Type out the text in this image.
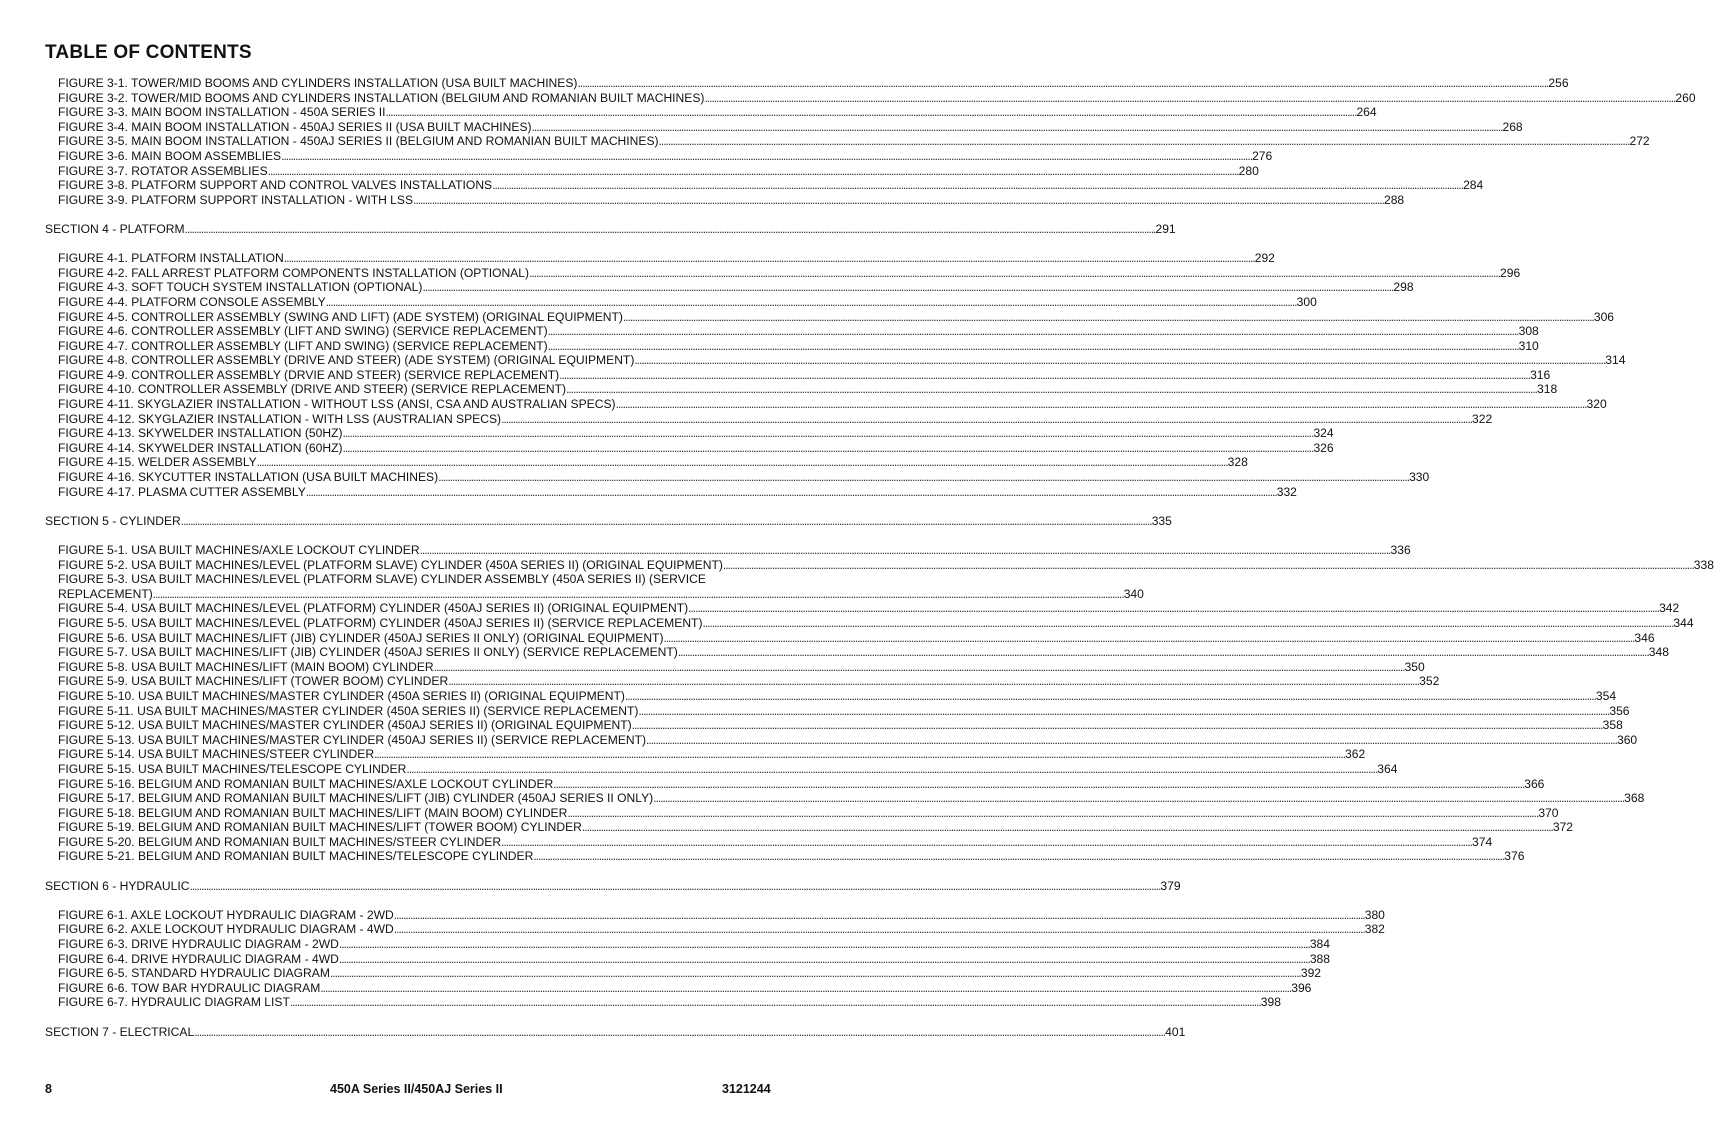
TABLE OF CONTENTS
FIGURE 3-1. TOWER/MID BOOMS AND CYLINDERS INSTALLATION (USA BUILT MACHINES) .....	256
FIGURE 3-2. TOWER/MID BOOMS AND CYLINDERS INSTALLATION (BELGIUM AND ROMANIAN BUILT MACHINES) .....	260
FIGURE 3-3. MAIN BOOM INSTALLATION - 450A SERIES II .....	264
FIGURE 3-4. MAIN BOOM INSTALLATION - 450AJ SERIES II (USA BUILT MACHINES) .....	268
FIGURE 3-5. MAIN BOOM INSTALLATION - 450AJ SERIES II (BELGIUM AND ROMANIAN BUILT MACHINES) .....	272
FIGURE 3-6. MAIN BOOM ASSEMBLIES .....	276
FIGURE 3-7. ROTATOR ASSEMBLIES .....	280
FIGURE 3-8. PLATFORM SUPPORT AND CONTROL VALVES INSTALLATIONS .....	284
FIGURE 3-9. PLATFORM SUPPORT INSTALLATION - WITH LSS .....	288
SECTION 4 - PLATFORM .....	291
FIGURE 4-1. PLATFORM INSTALLATION .....	292
FIGURE 4-2. FALL ARREST PLATFORM COMPONENTS INSTALLATION (OPTIONAL) .....	296
FIGURE 4-3. SOFT TOUCH SYSTEM INSTALLATION (OPTIONAL) .....	298
FIGURE 4-4. PLATFORM CONSOLE ASSEMBLY .....	300
FIGURE 4-5. CONTROLLER ASSEMBLY (SWING AND LIFT) (ADE SYSTEM) (ORIGINAL EQUIPMENT) .....	306
FIGURE 4-6. CONTROLLER ASSEMBLY (LIFT AND SWING) (SERVICE REPLACEMENT) .....	308
FIGURE 4-7. CONTROLLER ASSEMBLY (LIFT AND SWING) (SERVICE REPLACEMENT) .....	310
FIGURE 4-8. CONTROLLER ASSEMBLY (DRIVE AND STEER) (ADE SYSTEM) (ORIGINAL EQUIPMENT) .....	314
FIGURE 4-9. CONTROLLER ASSEMBLY (DRVIE AND STEER) (SERVICE REPLACEMENT) .....	316
FIGURE 4-10. CONTROLLER ASSEMBLY (DRIVE AND STEER) (SERVICE REPLACEMENT) .....	318
FIGURE 4-11. SKYGLAZIER INSTALLATION - WITHOUT LSS (ANSI, CSA AND AUSTRALIAN SPECS) .....	320
FIGURE 4-12. SKYGLAZIER INSTALLATION - WITH LSS (AUSTRALIAN SPECS) .....	322
FIGURE 4-13. SKYWELDER INSTALLATION (50HZ) .....	324
FIGURE 4-14. SKYWELDER INSTALLATION (60HZ) .....	326
FIGURE 4-15. WELDER ASSEMBLY .....	328
FIGURE 4-16. SKYCUTTER INSTALLATION (USA BUILT MACHINES) .....	330
FIGURE 4-17. PLASMA CUTTER ASSEMBLY .....	332
SECTION 5 - CYLINDER .....	335
FIGURE 5-1. USA BUILT MACHINES/AXLE LOCKOUT CYLINDER .....	336
FIGURE 5-2. USA BUILT MACHINES/LEVEL (PLATFORM SLAVE) CYLINDER (450A SERIES II) (ORIGINAL EQUIPMENT) .....	338
FIGURE 5-3. USA BUILT MACHINES/LEVEL (PLATFORM SLAVE) CYLINDER ASSEMBLY (450A SERIES II) (SERVICE
REPLACEMENT) .....	340
FIGURE 5-4. USA BUILT MACHINES/LEVEL (PLATFORM) CYLINDER (450AJ SERIES II) (ORIGINAL EQUIPMENT) .....	342
FIGURE 5-5. USA BUILT MACHINES/LEVEL (PLATFORM) CYLINDER (450AJ SERIES II) (SERVICE REPLACEMENT) .....	344
FIGURE 5-6. USA BUILT MACHINES/LIFT (JIB) CYLINDER (450AJ SERIES II ONLY) (ORIGINAL EQUIPMENT) .....	346
FIGURE 5-7. USA BUILT MACHINES/LIFT (JIB) CYLINDER (450AJ SERIES II ONLY) (SERVICE REPLACEMENT) .....	348
FIGURE 5-8. USA BUILT MACHINES/LIFT (MAIN BOOM) CYLINDER .....	350
FIGURE 5-9. USA BUILT MACHINES/LIFT (TOWER BOOM) CYLINDER .....	352
FIGURE 5-10. USA BUILT MACHINES/MASTER CYLINDER (450A SERIES II) (ORIGINAL EQUIPMENT) .....	354
FIGURE 5-11. USA BUILT MACHINES/MASTER CYLINDER (450A SERIES II) (SERVICE REPLACEMENT) .....	356
FIGURE 5-12. USA BUILT MACHINES/MASTER CYLINDER (450AJ SERIES II) (ORIGINAL EQUIPMENT) .....	358
FIGURE 5-13. USA BUILT MACHINES/MASTER CYLINDER (450AJ SERIES II) (SERVICE REPLACEMENT) .....	360
FIGURE 5-14. USA BUILT MACHINES/STEER CYLINDER .....	362
FIGURE 5-15. USA BUILT MACHINES/TELESCOPE CYLINDER .....	364
FIGURE 5-16. BELGIUM AND ROMANIAN BUILT MACHINES/AXLE LOCKOUT CYLINDER .....	366
FIGURE 5-17. BELGIUM AND ROMANIAN BUILT MACHINES/LIFT (JIB) CYLINDER (450AJ SERIES II ONLY) .....	368
FIGURE 5-18. BELGIUM AND ROMANIAN BUILT MACHINES/LIFT (MAIN BOOM) CYLINDER .....	370
FIGURE 5-19. BELGIUM AND ROMANIAN BUILT MACHINES/LIFT (TOWER BOOM) CYLINDER .....	372
FIGURE 5-20. BELGIUM AND ROMANIAN BUILT MACHINES/STEER CYLINDER .....	374
FIGURE 5-21. BELGIUM AND ROMANIAN BUILT MACHINES/TELESCOPE CYLINDER .....	376
SECTION 6 - HYDRAULIC .....	379
FIGURE 6-1. AXLE LOCKOUT HYDRAULIC DIAGRAM - 2WD .....	380
FIGURE 6-2. AXLE LOCKOUT HYDRAULIC DIAGRAM - 4WD .....	382
FIGURE 6-3. DRIVE HYDRAULIC DIAGRAM - 2WD .....	384
FIGURE 6-4. DRIVE HYDRAULIC DIAGRAM - 4WD .....	388
FIGURE 6-5. STANDARD HYDRAULIC DIAGRAM .....	392
FIGURE 6-6. TOW BAR HYDRAULIC DIAGRAM .....	396
FIGURE 6-7. HYDRAULIC DIAGRAM LIST .....	398
SECTION 7 - ELECTRICAL .....	401
8	450A Series II/450AJ Series II	3121244
